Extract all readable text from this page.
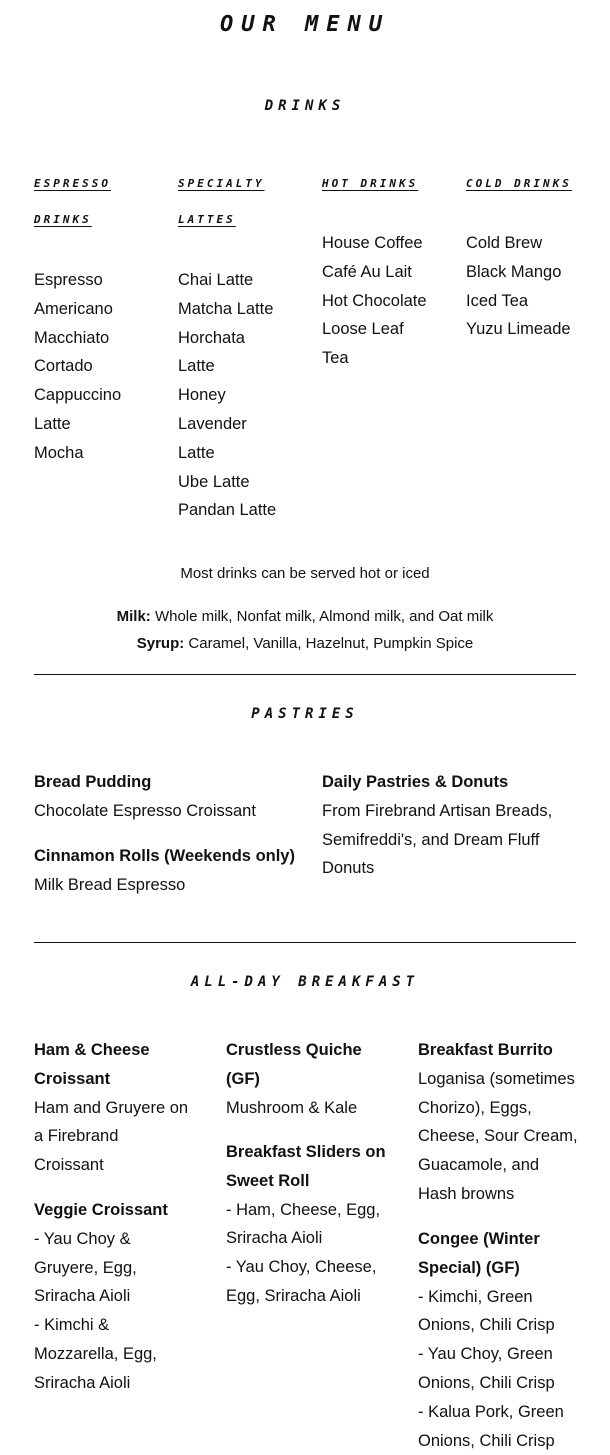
OUR MENU
DRINKS
ESPRESSO
DRINKS
SPECIALTY
LATTES
HOT DRINKS	COLD DRINKS
Espresso
Americano
Macchiato
Cortado
Cappuccino
Latte
Mocha
Chai Latte
Matcha Latte
Horchata
Latte
Honey
Lavender
Latte
Ube Latte
Pandan Latte
House Coffee
Café Au Lait
Hot Chocolate
Loose Leaf
Tea
Cold Brew
Black Mango
Iced Tea
Yuzu Limeade
Most drinks can be served hot or iced
Milk: Whole milk, Nonfat milk, Almond milk, and Oat milk
Syrup: Caramel, Vanilla, Hazelnut, Pumpkin Spice
PASTRIES
Bread Pudding
Chocolate Espresso Croissant
Cinnamon Rolls (Weekends only)
Milk Bread Espresso
Daily Pastries & Donuts
From Firebrand Artisan Breads,
Semifreddi's, and Dream Fluff
Donuts
ALL-DAY BREAKFAST
Ham & Cheese
Croissant
Ham and Gruyere on
a Firebrand
Croissant
Veggie Croissant
- Yau Choy &
Gruyere, Egg,
Sriracha Aioli
- Kimchi &
Mozzarella, Egg,
Sriracha Aioli
Crustless Quiche
(GF)
Mushroom & Kale
Breakfast Sliders on
Sweet Roll
- Ham, Cheese, Egg,
Sriracha Aioli
- Yau Choy, Cheese,
Egg, Sriracha Aioli
Breakfast Burrito
Loganisa (sometimes
Chorizo), Eggs,
Cheese, Sour Cream,
Guacamole, and
Hash browns
Congee (Winter
Special) (GF)
- Kimchi, Green
Onions, Chili Crisp
- Yau Choy, Green
Onions, Chili Crisp
- Kalua Pork, Green
Onions, Chili Crisp
